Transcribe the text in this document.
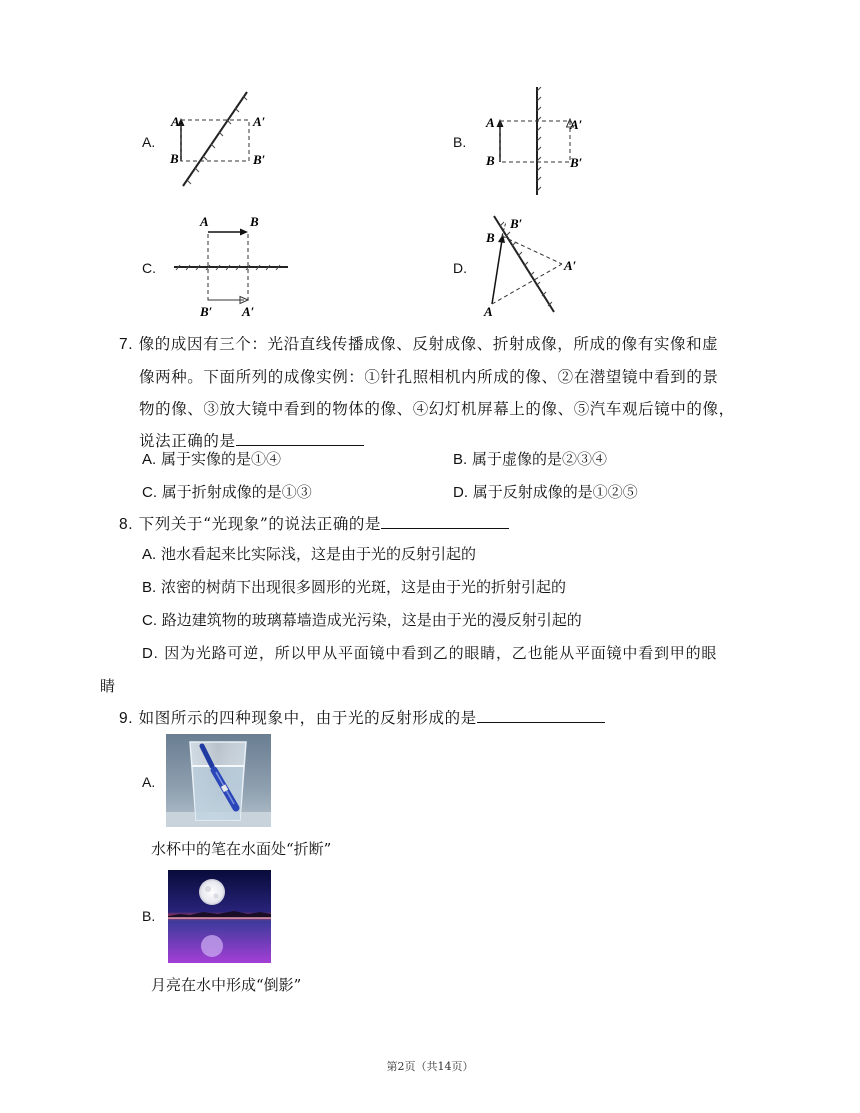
A.
A
B
A′
B′
B.
A
B
A′
B′
C.
A	B
B′ A′
D.
B′
B
A′
A
7. 像的成因有三个：光沿直线传播成像、反射成像、折射成像，所成的像有实像和虚
像两种。下面所列的成像实例：①针孔照相机内所成的像、②在潜望镜中看到的景
物的像、③放大镜中看到的物体的像、④幻灯机屏幕上的像、⑤汽车观后镜中的像，
说法正确的是
A. 属于实像的是①④	B. 属于虚像的是②③④
C. 属于折射成像的是①③	D. 属于反射成像的是①②⑤
8. 下列关于“光现象”的说法正确的是
A. 池水看起来比实际浅，这是由于光的反射引起的
B. 浓密的树荫下出现很多圆形的光斑，这是由于光的折射引起的
C. 路边建筑物的玻璃幕墙造成光污染，这是由于光的漫反射引起的
D. 因为光路可逆，所以甲从平面镜中看到乙的眼睛，乙也能从平面镜中看到甲的眼
睛
9. 如图所示的四种现象中，由于光的反射形成的是
A.
水杯中的笔在水面处“折断”
B.
月亮在水中形成“倒影”
第2页（共14页）
